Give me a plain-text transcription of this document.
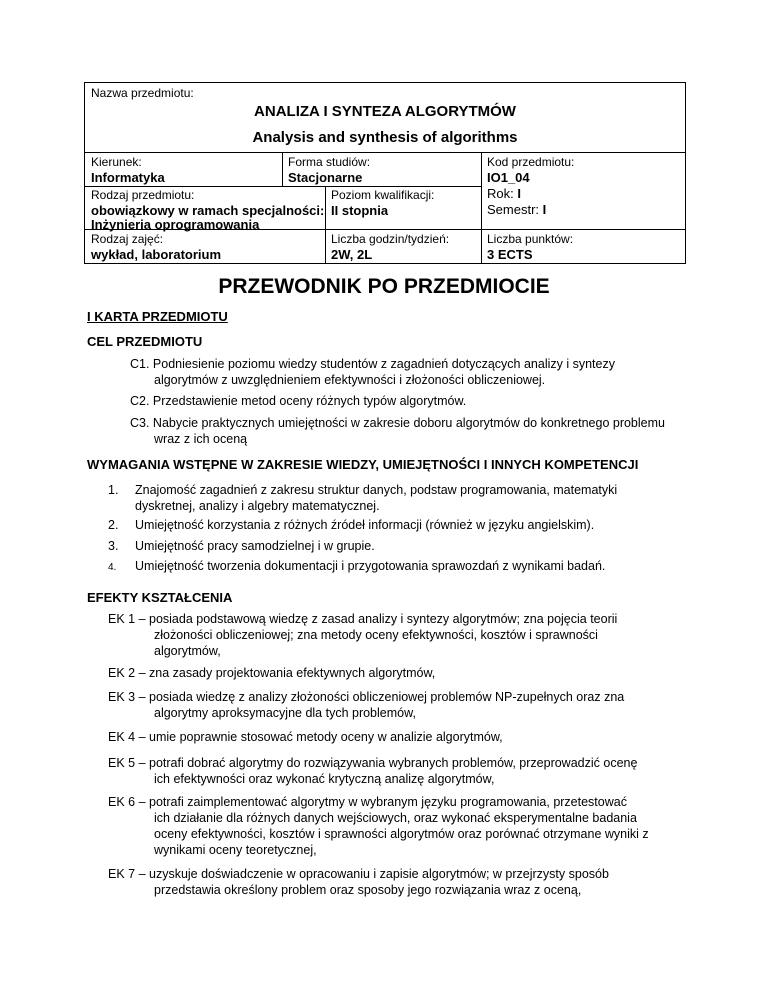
Nazwa przedmiotu:
ANALIZA I SYNTEZA ALGORYTMÓW
Analysis and synthesis of algorithms
Kierunek:
Informatyka
Forma studiów:
Stacjonarne
Kod przedmiotu:
IO1_04
Rok: I
Semestr: I
Rodzaj przedmiotu:
obowiązkowy w ramach specjalności:
Inżynieria oprogramowania
Poziom kwalifikacji:
II stopnia
Rodzaj zajęć:
wykład, laboratorium
Liczba godzin/tydzień:
2W, 2L
Liczba punktów:
3 ECTS
PRZEWODNIK PO PRZEDMIOCIE
I KARTA PRZEDMIOTU
CEL PRZEDMIOTU
C1. Podniesienie poziomu wiedzy studentów z zagadnień dotyczących analizy i syntezy
algorytmów z uwzględnieniem efektywności i złożoności obliczeniowej.
C2. Przedstawienie metod oceny różnych typów algorytmów.
C3. Nabycie praktycznych umiejętności w zakresie doboru algorytmów do konkretnego problemu
wraz z ich oceną
WYMAGANIA WSTĘPNE W ZAKRESIE WIEDZY, UMIEJĘTNOŚCI I INNYCH KOMPETENCJI
1. Znajomość zagadnień z zakresu struktur danych, podstaw programowania, matematyki
dyskretnej, analizy i algebry matematycznej.
2. Umiejętność korzystania z różnych źródeł informacji (również w języku angielskim).
3. Umiejętność pracy samodzielnej i w grupie.
4. Umiejętność tworzenia dokumentacji i przygotowania sprawozdań z wynikami badań.
EFEKTY KSZTAŁCENIA
EK 1 – posiada podstawową wiedzę z zasad analizy i syntezy algorytmów; zna pojęcia teorii
złożoności obliczeniowej; zna metody oceny efektywności, kosztów i sprawności
algorytmów,
EK 2 – zna zasady projektowania efektywnych algorytmów,
EK 3 – posiada wiedzę z analizy złożoności obliczeniowej problemów NP-zupełnych oraz zna
algorytmy aproksymacyjne dla tych problemów,
EK 4 – umie poprawnie stosować metody oceny w analizie algorytmów,
EK 5 – potrafi dobrać algorytmy do rozwiązywania wybranych problemów, przeprowadzić ocenę
ich efektywności oraz wykonać krytyczną analizę algorytmów,
EK 6 – potrafi zaimplementować algorytmy w wybranym języku programowania, przetestować
ich działanie dla różnych danych wejściowych, oraz wykonać eksperymentalne badania
oceny efektywności, kosztów i sprawności algorytmów oraz porównać otrzymane wyniki z
wynikami oceny teoretycznej,
EK 7 – uzyskuje doświadczenie w opracowaniu i zapisie algorytmów; w przejrzysty sposób
przedstawia określony problem oraz sposoby jego rozwiązania wraz z oceną,
